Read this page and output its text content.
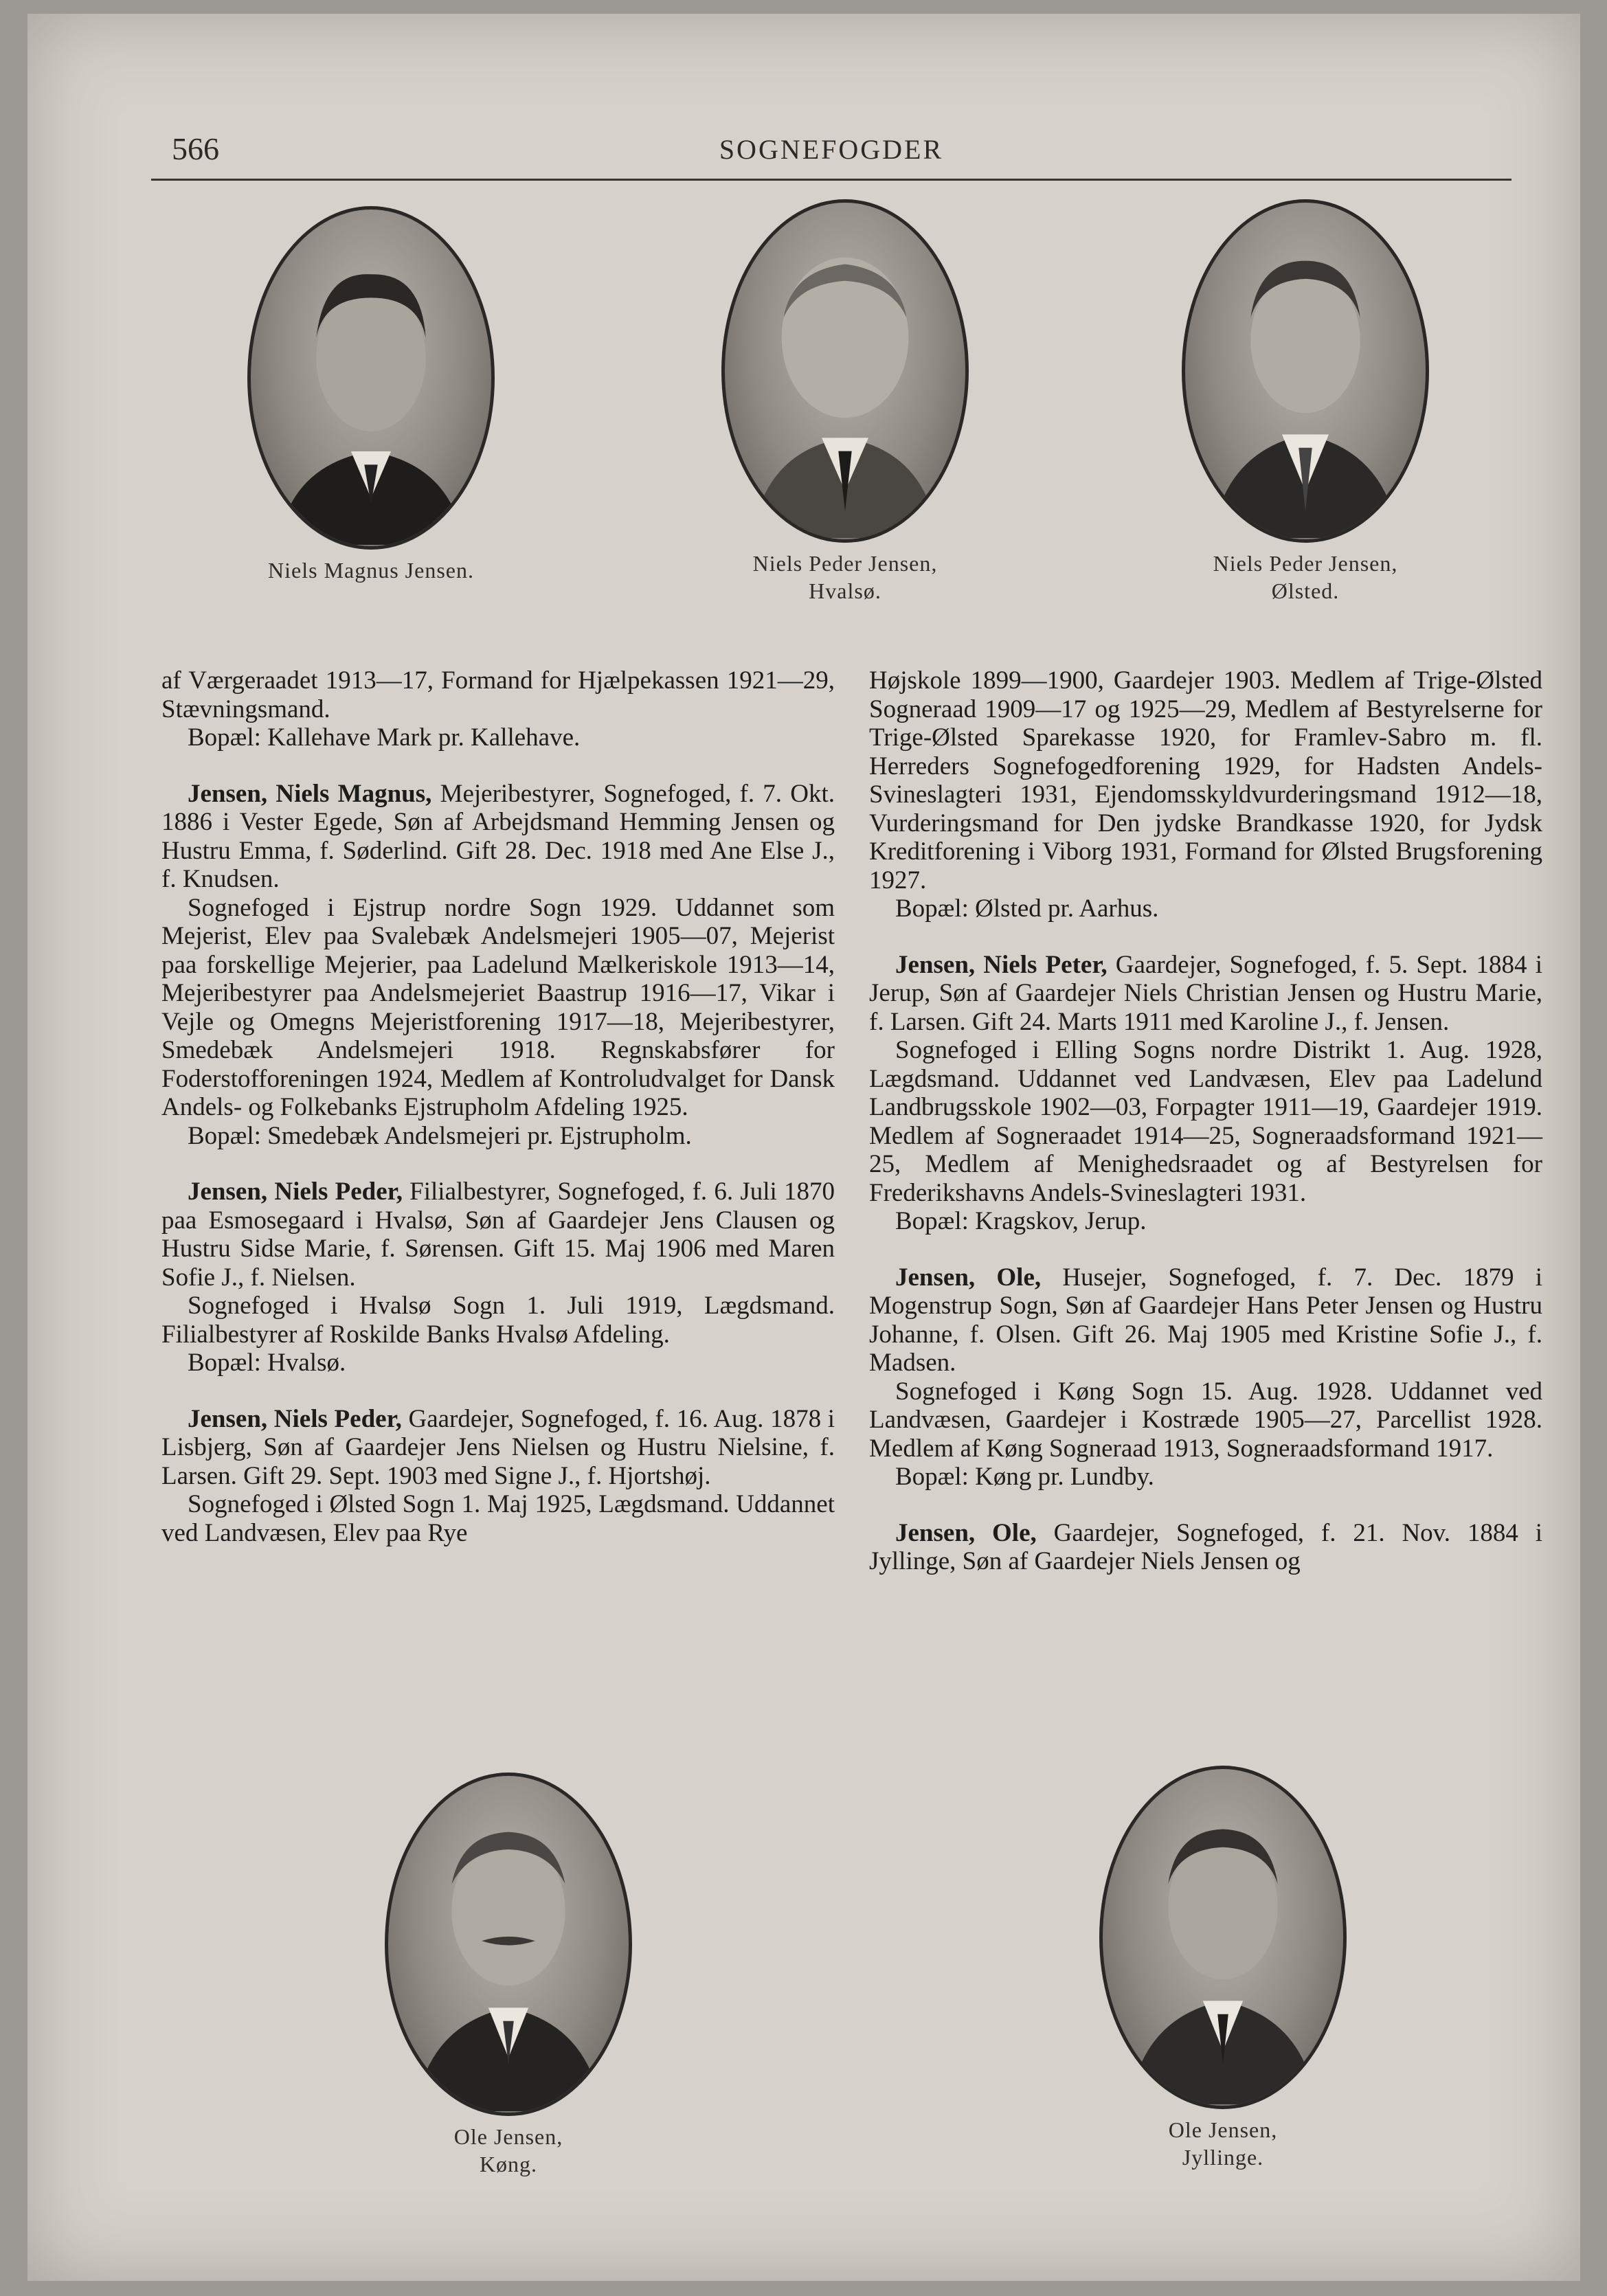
566	SOGNEFOGDER
Niels Magnus Jensen.	Niels Peder Jensen,
Hvalsø.
Niels Peder Jensen,
Ølsted.

af Værgeraadet 1913—17, Formand for Hjælpekassen 1921—29, Stævningsmand.

Bopæl: Kallehave Mark pr. Kallehave.

Jensen, Niels Magnus, Mejeribestyrer, Sognefoged, f. 7. Okt. 1886 i Vester Egede, Søn af Arbejdsmand Hemming Jensen og Hustru Emma, f. Søderlind. Gift 28. Dec. 1918 med Ane Else J., f. Knudsen.

Sognefoged i Ejstrup nordre Sogn 1929. Uddannet som Mejerist, Elev paa Svalebæk Andelsmejeri 1905—07, Mejerist paa forskellige Mejerier, paa Ladelund Mælkeriskole 1913—14, Mejeribestyrer paa Andelsmejeriet Baastrup 1916—17, Vikar i Vejle og Omegns Mejeristforening 1917—18, Mejeribestyrer, Smedebæk Andelsmejeri 1918. Regnskabsfører for Foderstofforeningen 1924, Medlem af Kontroludvalget for Dansk Andels- og Folkebanks Ejstrupholm Afdeling 1925.

Bopæl: Smedebæk Andelsmejeri pr. Ejstrupholm.

Jensen, Niels Peder, Filialbestyrer, Sognefoged, f. 6. Juli 1870 paa Esmosegaard i Hvalsø, Søn af Gaardejer Jens Clausen og Hustru Sidse Marie, f. Sørensen. Gift 15. Maj 1906 med Maren Sofie J., f. Nielsen.

Sognefoged i Hvalsø Sogn 1. Juli 1919, Lægdsmand. Filialbestyrer af Roskilde Banks Hvalsø Afdeling.

Bopæl: Hvalsø.

Jensen, Niels Peder, Gaardejer, Sognefoged, f. 16. Aug. 1878 i Lisbjerg, Søn af Gaardejer Jens Nielsen og Hustru Nielsine, f. Larsen. Gift 29. Sept. 1903 med Signe J., f. Hjortshøj.

Sognefoged i Ølsted Sogn 1. Maj 1925, Lægdsmand. Uddannet ved Landvæsen, Elev paa Rye

Højskole 1899—1900, Gaardejer 1903. Medlem af Trige-Ølsted Sogneraad 1909—17 og 1925—29, Medlem af Bestyrelserne for Trige-Ølsted Sparekasse 1920, for Framlev-Sabro m. fl. Herreders Sognefogedforening 1929, for Hadsten Andels-Svineslagteri 1931, Ejendomsskyldvurderingsmand 1912—18, Vurderingsmand for Den jydske Brandkasse 1920, for Jydsk Kreditforening i Viborg 1931, Formand for Ølsted Brugsforening 1927.

Bopæl: Ølsted pr. Aarhus.

Jensen, Niels Peter, Gaardejer, Sognefoged, f. 5. Sept. 1884 i Jerup, Søn af Gaardejer Niels Christian Jensen og Hustru Marie, f. Larsen. Gift 24. Marts 1911 med Karoline J., f. Jensen.

Sognefoged i Elling Sogns nordre Distrikt 1. Aug. 1928, Lægdsmand. Uddannet ved Landvæsen, Elev paa Ladelund Landbrugsskole 1902—03, Forpagter 1911—19, Gaardejer 1919. Medlem af Sogneraadet 1914—25, Sogneraadsformand 1921—25, Medlem af Menighedsraadet og af Bestyrelsen for Frederikshavns Andels-Svineslagteri 1931.

Bopæl: Kragskov, Jerup.

Jensen, Ole, Husejer, Sognefoged, f. 7. Dec. 1879 i Mogenstrup Sogn, Søn af Gaardejer Hans Peter Jensen og Hustru Johanne, f. Olsen. Gift 26. Maj 1905 med Kristine Sofie J., f. Madsen.

Sognefoged i Køng Sogn 15. Aug. 1928. Uddannet ved Landvæsen, Gaardejer i Kostræde 1905—27, Parcellist 1928. Medlem af Køng Sogneraad 1913, Sogneraadsformand 1917.

Bopæl: Køng pr. Lundby.

Jensen, Ole, Gaardejer, Sognefoged, f. 21. Nov. 1884 i Jyllinge, Søn af Gaardejer Niels Jensen og

Ole Jensen,
Køng.
Ole Jensen,
Jyllinge.
